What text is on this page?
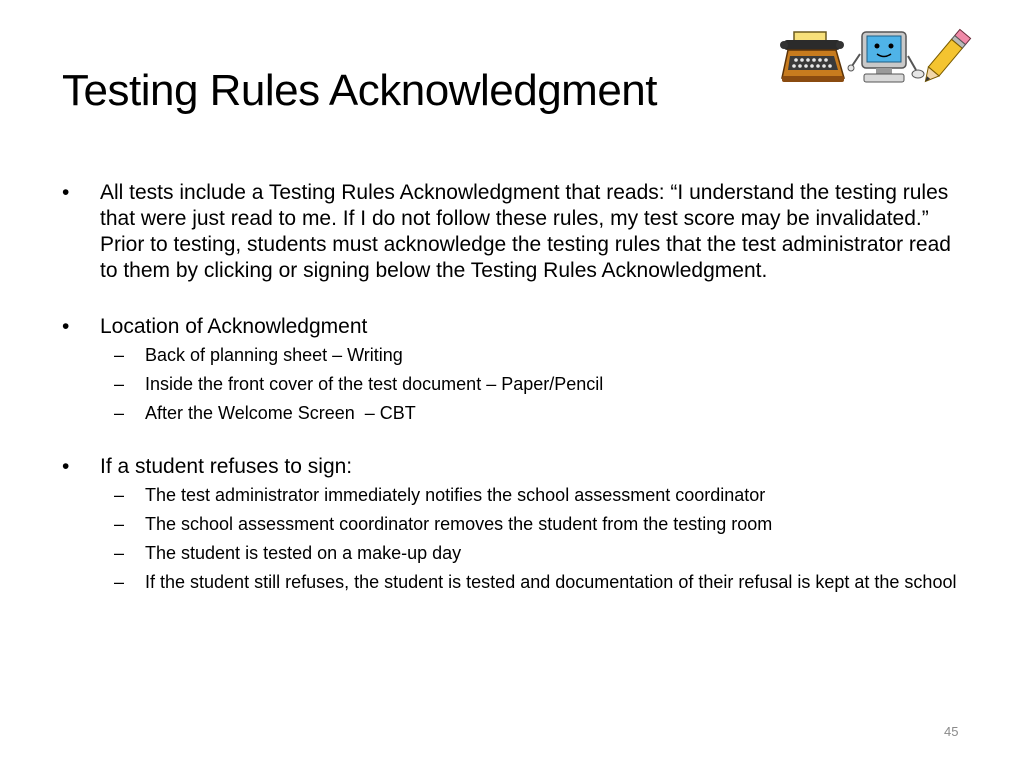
Testing Rules Acknowledgment

•	All tests include a Testing Rules Acknowledgment that reads: “I understand the testing rules that were just read to me. If I do not follow these rules, my test score may be invalidated.” Prior to testing, students must acknowledge the testing rules that the test administrator read to them by clicking or signing below the Testing Rules Acknowledgment.

•	Location of Acknowledgment

– Back of planning sheet – Writing

– Inside the front cover of the test document – Paper/Pencil

– After the Welcome Screen  – CBT

•	If a student refuses to sign:

– The test administrator immediately notifies the school assessment coordinator

– The school assessment coordinator removes the student from the testing room

– The student is tested on a make-up day

– If the student still refuses, the student is tested and documentation of their refusal is kept at the school

45
